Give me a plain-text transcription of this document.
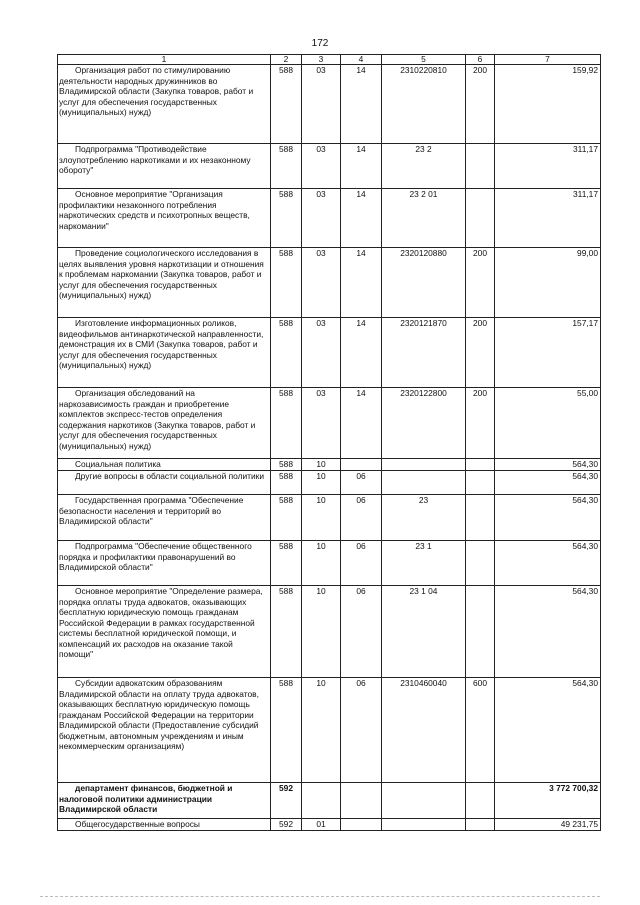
172
1	2	3	4	5	6	7
Организация работ по стимулированию деятельности народных дружинников во Владимирской области (Закупка товаров, работ и услуг для обеспечения государственных (муниципальных) нужд)	588	03	14	2310220810	200	159,92
Подпрограмма "Противодействие злоупотреблению наркотиками и их незаконному обороту"	588	03	14	23 2		311,17
Основное мероприятие "Организация профилактики незаконного потребления наркотических средств и психотропных веществ, наркомании"	588	03	14	23 2 01		311,17
Проведение социологического исследования в целях выявления уровня наркотизации и отношения к проблемам наркомании (Закупка товаров, работ и услуг для обеспечения государственных (муниципальных) нужд)	588	03	14	2320120880	200	99,00
Изготовление информационных роликов, видеофильмов антинаркотической направленности, демонстрация их в СМИ (Закупка товаров, работ и услуг для обеспечения государственных (муниципальных) нужд)	588	03	14	2320121870	200	157,17
Организация обследований на наркозависимость граждан и приобретение комплектов экспресс-тестов определения содержания наркотиков (Закупка товаров, работ и услуг для обеспечения государственных (муниципальных) нужд)	588	03	14	2320122800	200	55,00
Социальная политика	588	10				564,30
Другие вопросы в области социальной политики	588	10	06			564,30
Государственная программа "Обеспечение безопасности населения и территорий во Владимирской области"	588	10	06	23		564,30
Подпрограмма "Обеспечение общественного порядка и профилактики правонарушений во Владимирской области"	588	10	06	23 1		564,30
Основное мероприятие "Определение размера, порядка оплаты труда адвокатов, оказывающих бесплатную юридическую помощь гражданам Российской Федерации в рамках государственной системы бесплатной юридической помощи, и компенсаций их расходов на оказание такой помощи"	588	10	06	23 1 04		564,30
Субсидии адвокатским образованиям Владимирской области на оплату труда адвокатов, оказывающих бесплатную юридическую помощь гражданам Российской Федерации на территории Владимирской области (Предоставление субсидий бюджетным, автономным учреждениям и иным некоммерческим организациям)	588	10	06	2310460040	600	564,30
департамент финансов, бюджетной и налоговой политики администрации Владимирской области	592					3 772 700,32
Общегосударственные вопросы	592	01				49 231,75
